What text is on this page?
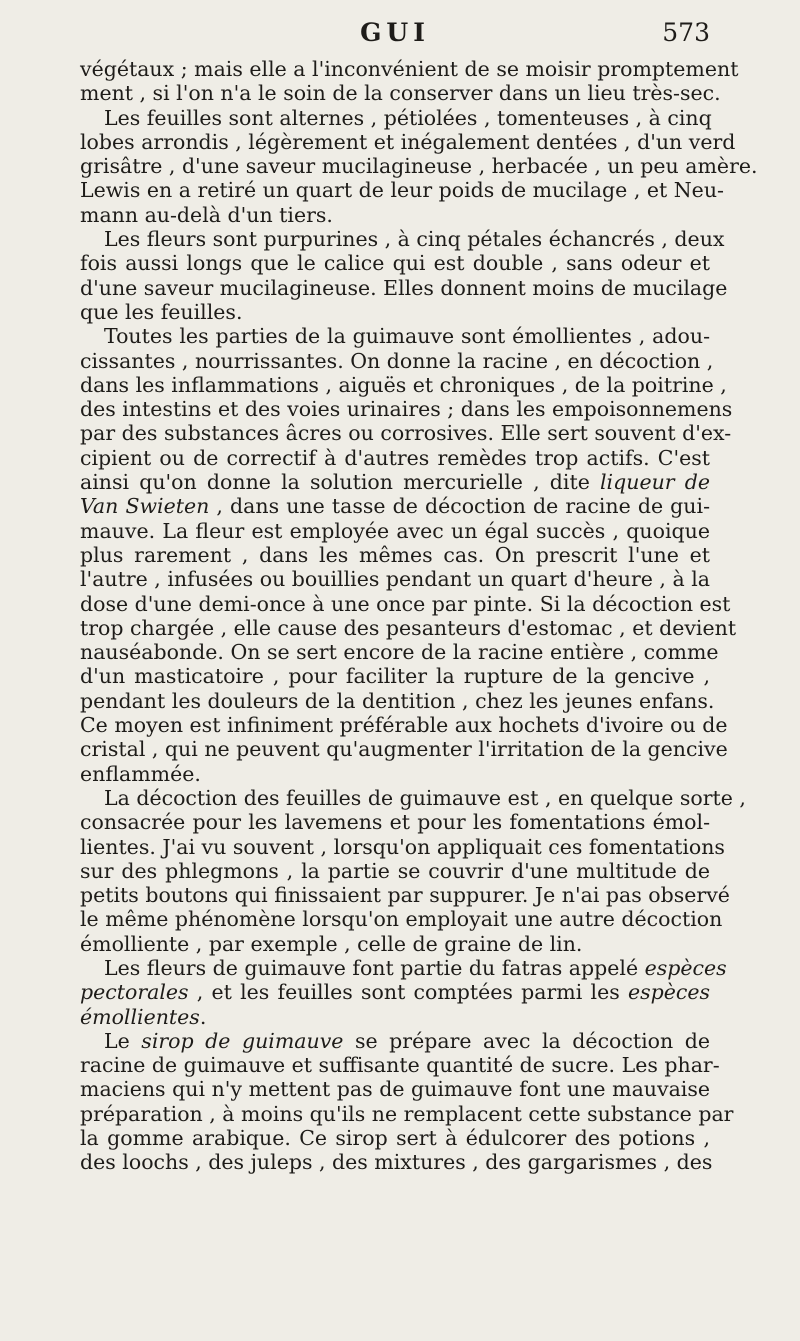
GUI	573
végétaux ; mais elle a l'inconvénient de se moisir promptement
ment , si l'on n'a le soin de la conserver dans un lieu très-sec.
Les feuilles sont alternes , pétiolées , tomenteuses , à cinq
lobes arrondis , légèrement et inégalement dentées , d'un verd
grisâtre , d'une saveur mucilagineuse , herbacée , un peu amère.
Lewis en a retiré un quart de leur poids de mucilage , et Neu-
mann au-delà d'un tiers.
Les fleurs sont purpurines , à cinq pétales échancrés , deux
fois aussi longs que le calice qui est double , sans odeur et
d'une saveur mucilagineuse. Elles donnent moins de mucilage
que les feuilles.
Toutes les parties de la guimauve sont émollientes , adou-
cissantes , nourrissantes. On donne la racine , en décoction ,
dans les inflammations , aiguës et chroniques , de la poitrine ,
des intestins et des voies urinaires ; dans les empoisonnemens
par des substances âcres ou corrosives. Elle sert souvent d'ex-
cipient ou de correctif à d'autres remèdes trop actifs. C'est
ainsi qu'on donne la solution mercurielle , dite liqueur de
Van Swieten , dans une tasse de décoction de racine de gui-
mauve. La fleur est employée avec un égal succès , quoique
plus rarement , dans les mêmes cas. On prescrit l'une et
l'autre , infusées ou bouillies pendant un quart d'heure , à la
dose d'une demi-once à une once par pinte. Si la décoction est
trop chargée , elle cause des pesanteurs d'estomac , et devient
nauséabonde. On se sert encore de la racine entière , comme
d'un masticatoire , pour faciliter la rupture de la gencive ,
pendant les douleurs de la dentition , chez les jeunes enfans.
Ce moyen est infiniment préférable aux hochets d'ivoire ou de
cristal , qui ne peuvent qu'augmenter l'irritation de la gencive
enflammée.
La décoction des feuilles de guimauve est , en quelque sorte ,
consacrée pour les lavemens et pour les fomentations émol-
lientes. J'ai vu souvent , lorsqu'on appliquait ces fomentations
sur des phlegmons , la partie se couvrir d'une multitude de
petits boutons qui finissaient par suppurer. Je n'ai pas observé
le même phénomène lorsqu'on employait une autre décoction
émolliente , par exemple , celle de graine de lin.
Les fleurs de guimauve font partie du fatras appelé espèces
pectorales , et les feuilles sont comptées parmi les espèces
émollientes.
Le sirop de guimauve se prépare avec la décoction de
racine de guimauve et suffisante quantité de sucre. Les phar-
maciens qui n'y mettent pas de guimauve font une mauvaise
préparation , à moins qu'ils ne remplacent cette substance par
la gomme arabique. Ce sirop sert à édulcorer des potions ,
des loochs , des juleps , des mixtures , des gargarismes , des
